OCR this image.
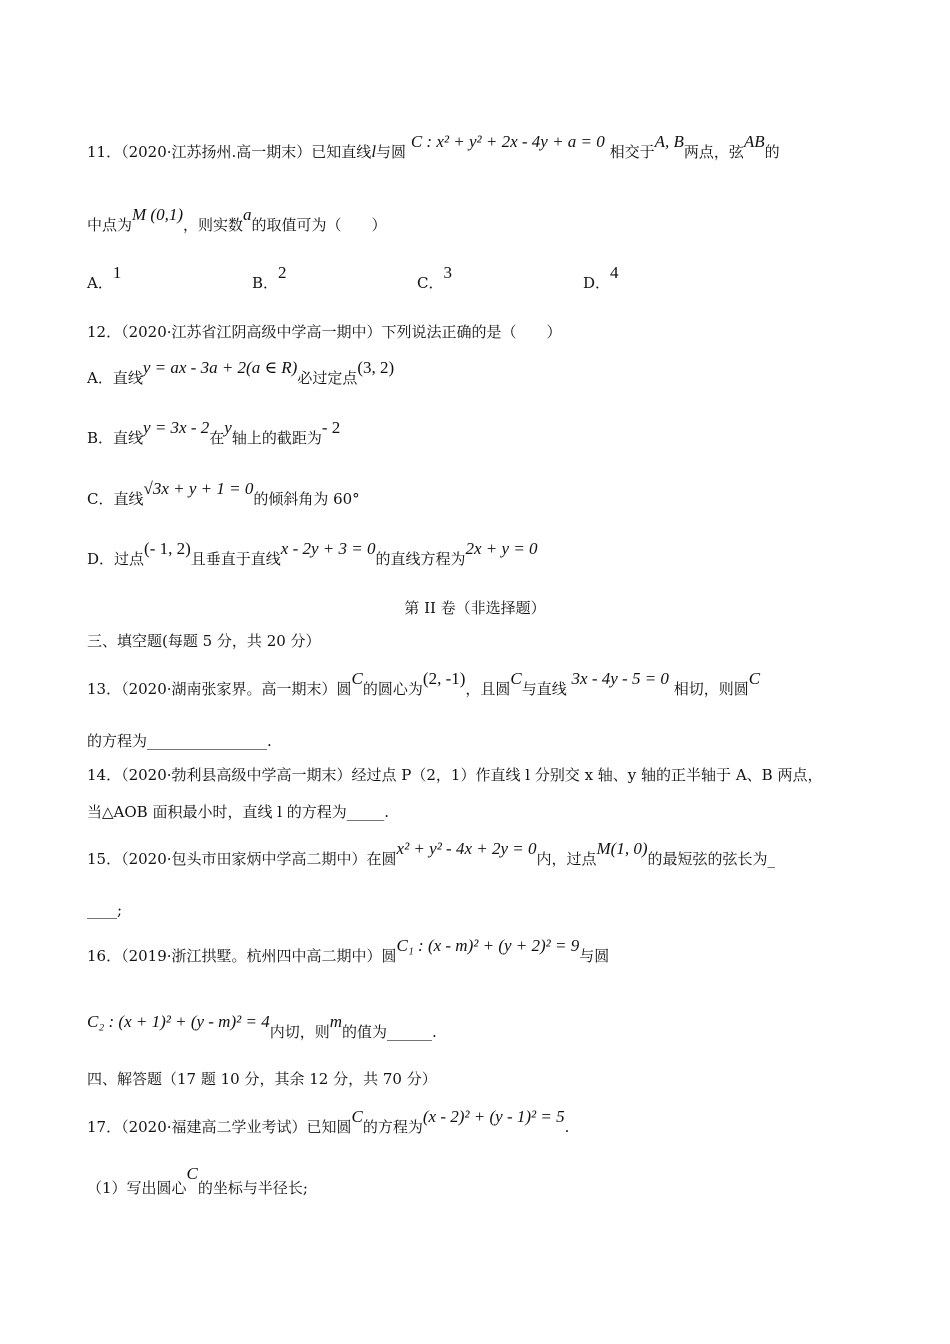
11．（2020·江苏扬州.高一期末）已知直线l与圆 C : x² + y² + 2x - 4y + a = 0 相交于A, B两点，弦AB的
中点为M (0,1)，则实数a的取值可为（　　）
A．1
B．2
C．3
D．4
12．（2020·江苏省江阴高级中学高一期中）下列说法正确的是（　　）
A．直线y = ax - 3a + 2(a ∈ R)必过定点(3, 2)
B．直线y = 3x - 2在y轴上的截距为- 2
C．直线√3x + y + 1 = 0的倾斜角为 60°
D．过点(- 1, 2)且垂直于直线x - 2y + 3 = 0的直线方程为2x + y = 0
第 II 卷（非选择题）
三、填空题(每题 5 分，共 20 分）
13．（2020·湖南张家界。高一期末）圆C的圆心为(2, -1)，且圆C与直线 3x - 4y - 5 = 0 相切，则圆C
的方程为________________.
14．（2020·勃利县高级中学高一期末）经过点 P（2，1）作直线 l 分别交 x 轴、y 轴的正半轴于 A、B 两点，
当△AOB 面积最小时，直线 l 的方程为_____.
15．（2020·包头市田家炳中学高二期中）在圆x² + y² - 4x + 2y = 0内，过点M(1, 0)的最短弦的弦长为_
____;
16．（2019·浙江拱墅。杭州四中高二期中）圆C₁ : (x - m)² + (y + 2)² = 9与圆
C₂ : (x + 1)² + (y - m)² = 4内切，则m的值为______.
四、解答题（17 题 10 分，其余 12 分，共 70 分）
17．（2020·福建高二学业考试）已知圆C的方程为(x - 2)² + (y - 1)² = 5.
（1）写出圆心C的坐标与半径长;
